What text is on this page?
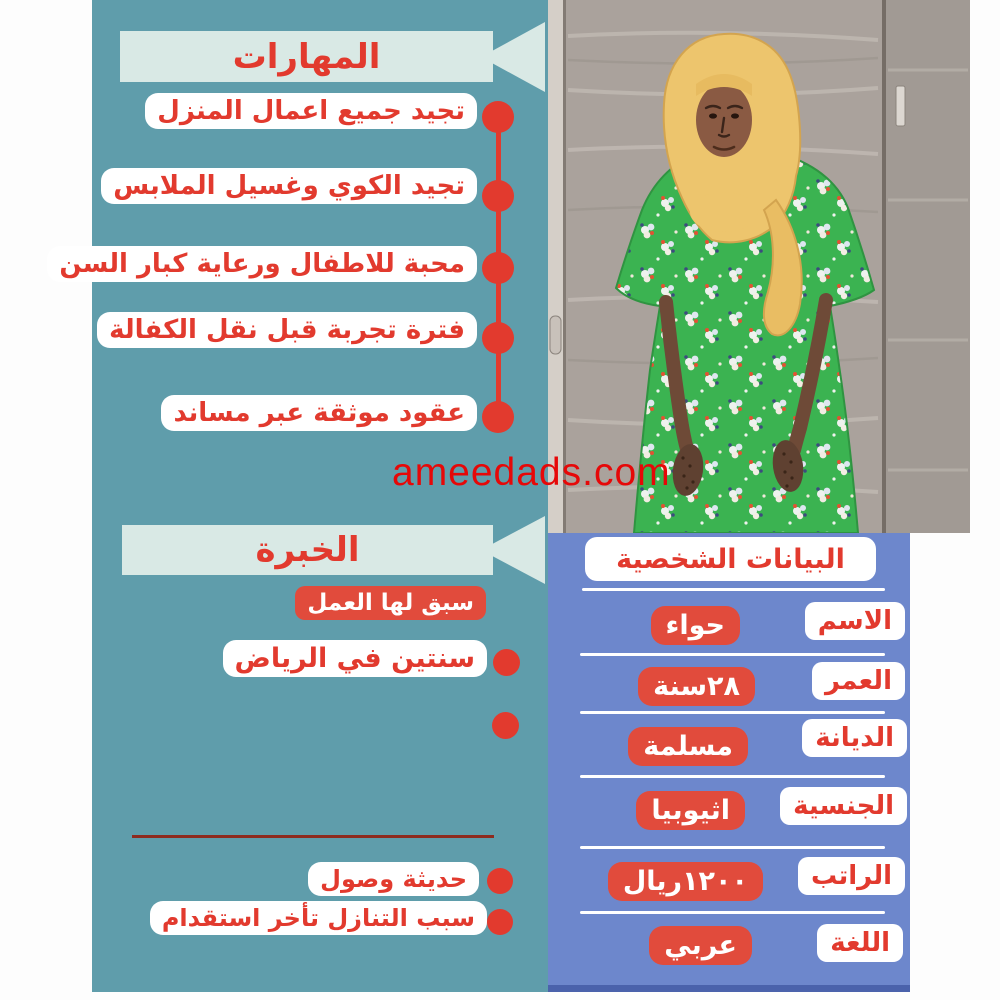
المهارات
تجيد جميع اعمال المنزل
تجيد الكوي وغسيل الملابس
محبة للاطفال ورعاية كبار السن
فترة تجربة قبل نقل الكفالة
عقود موثقة عبر مساند
ameedads.com
الخبرة
سبق لها العمل
سنتين في الرياض
حديثة وصول
سبب التنازل تأخر استقدام
البيانات الشخصية
الاسم
حواء
العمر
٢٨سنة
الديانة
مسلمة
الجنسية
اثيوبيا
الراتب
١٢٠٠ريال
اللغة
عربي
